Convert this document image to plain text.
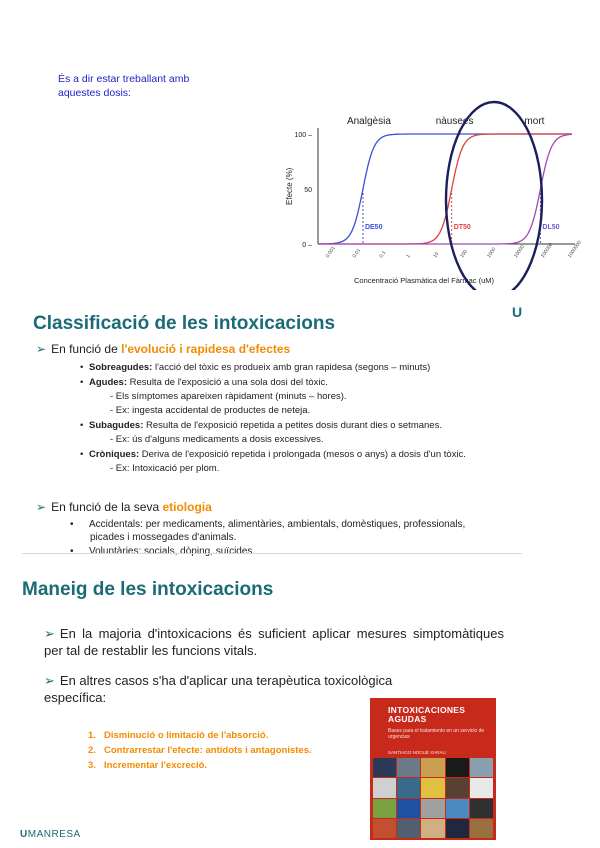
És a dir estar treballant amb
aquestes dosis:
DE50	DT50	DL50
100 –
50
0 –	0.001	0.01	0.1	1	10	100	1000	10000	100000 1000000
Analgèsia	nàusees	mort
Efecte (%)
Concentració Plasmàtica del Fàrmac (uM)
U
Classificació de les intoxicacions
➢ En funció de l'evolució i rapidesa d'efectes
• Sobreagudes: l'acció del tòxic es produeix amb gran rapidesa (segons – minuts)
• Agudes: Resulta de l'exposició a una sola dosi del tòxic.
- Els símptomes apareixen ràpidament (minuts – hores).
- Ex: ingesta accidental de productes de neteja.
• Subagudes: Resulta de l'exposició repetida a petites dosis durant dies o setmanes.
- Ex: ús d'alguns medicaments a dosis excessives.
• Cròniques: Deriva de l'exposició repetida i prolongada (mesos o anys) a dosis d'un tòxic.
- Ex: Intoxicació per plom.
➢ En funció de la seva etiologia
• Accidentals: per medicaments, alimentàries, ambientals, domèstiques, professionals, picades i mossegades d'animals.
• Voluntàries: socials, dòping, suïcides.
Maneig de les intoxicacions
➢ En la majoria d'intoxicacions és suficient aplicar mesures simptomàtiques per tal de restablir les funcions vitals.
➢ En altres casos s'ha d'aplicar una terapèutica toxicològica específica:
1. Disminució o limitació de l'absorció.
2. Contrarrestar l'efecte: antídots i antagonistes.
3. Incrementar l'excreció.
INTOXICACIONES
AGUDAS
Bases para el tratamiento en un servicio de urgencias
SANTIAGO NOGUÉ XARAU
UMANRESA
